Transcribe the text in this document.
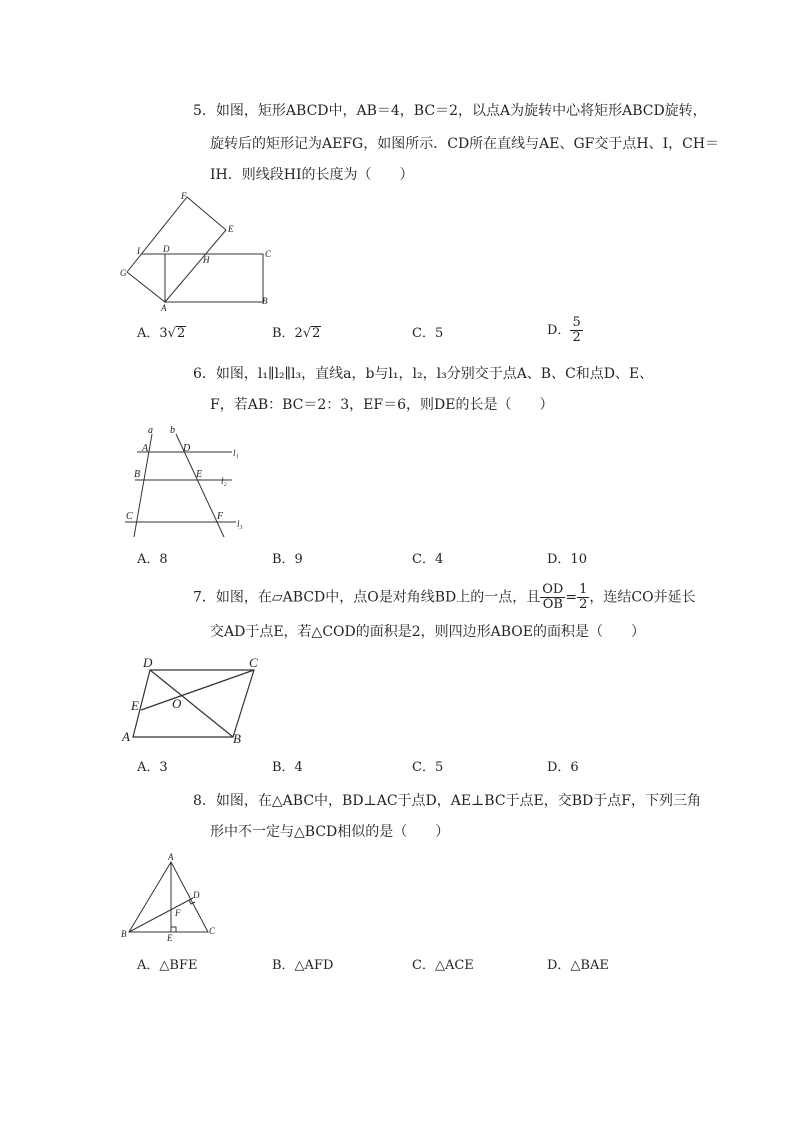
5．如图，矩形ABCD中，AB＝4，BC＝2，以点A为旋转中心将矩形ABCD旋转，
旋转后的矩形记为AEFG，如图所示．CD所在直线与AE、GF交于点H、I，CH＝
IH．则线段HI的长度为（　　）
F
E
I	D	C
G
H
A
B
A．3√2	B．2√2	C．5	D． $\frac{5}{2}$
6．如图，l₁∥l₂∥l₃，直线a，b与l₁，l₂，l₃分别交于点A、B、C和点D、E、
F，若AB：BC＝2：3，EF＝6，则DE的长是（　　）
a b
A	D	l₁
B	E
l₂
C	F
l₃
A．8	B．9	C．4	D．10
7．如图，在▱ABCD中，点O是对角线BD上的一点，且 $\frac{OD}{OB} = \frac{1}{2}$ ，连结CO并延长
交AD于点E，若△COD的面积是2，则四边形ABOE的面积是（　　）
D	C
E	O
A	B
A．3	B．4	C．5	D．6
8．如图，在△ABC中，BD⊥AC于点D，AE⊥BC于点E，交BD于点F，下列三角
形中不一定与△BCD相似的是（　　）
A
D
F
B	E
C
A．△BFE	B．△AFD	C．△ACE	D．△BAE
